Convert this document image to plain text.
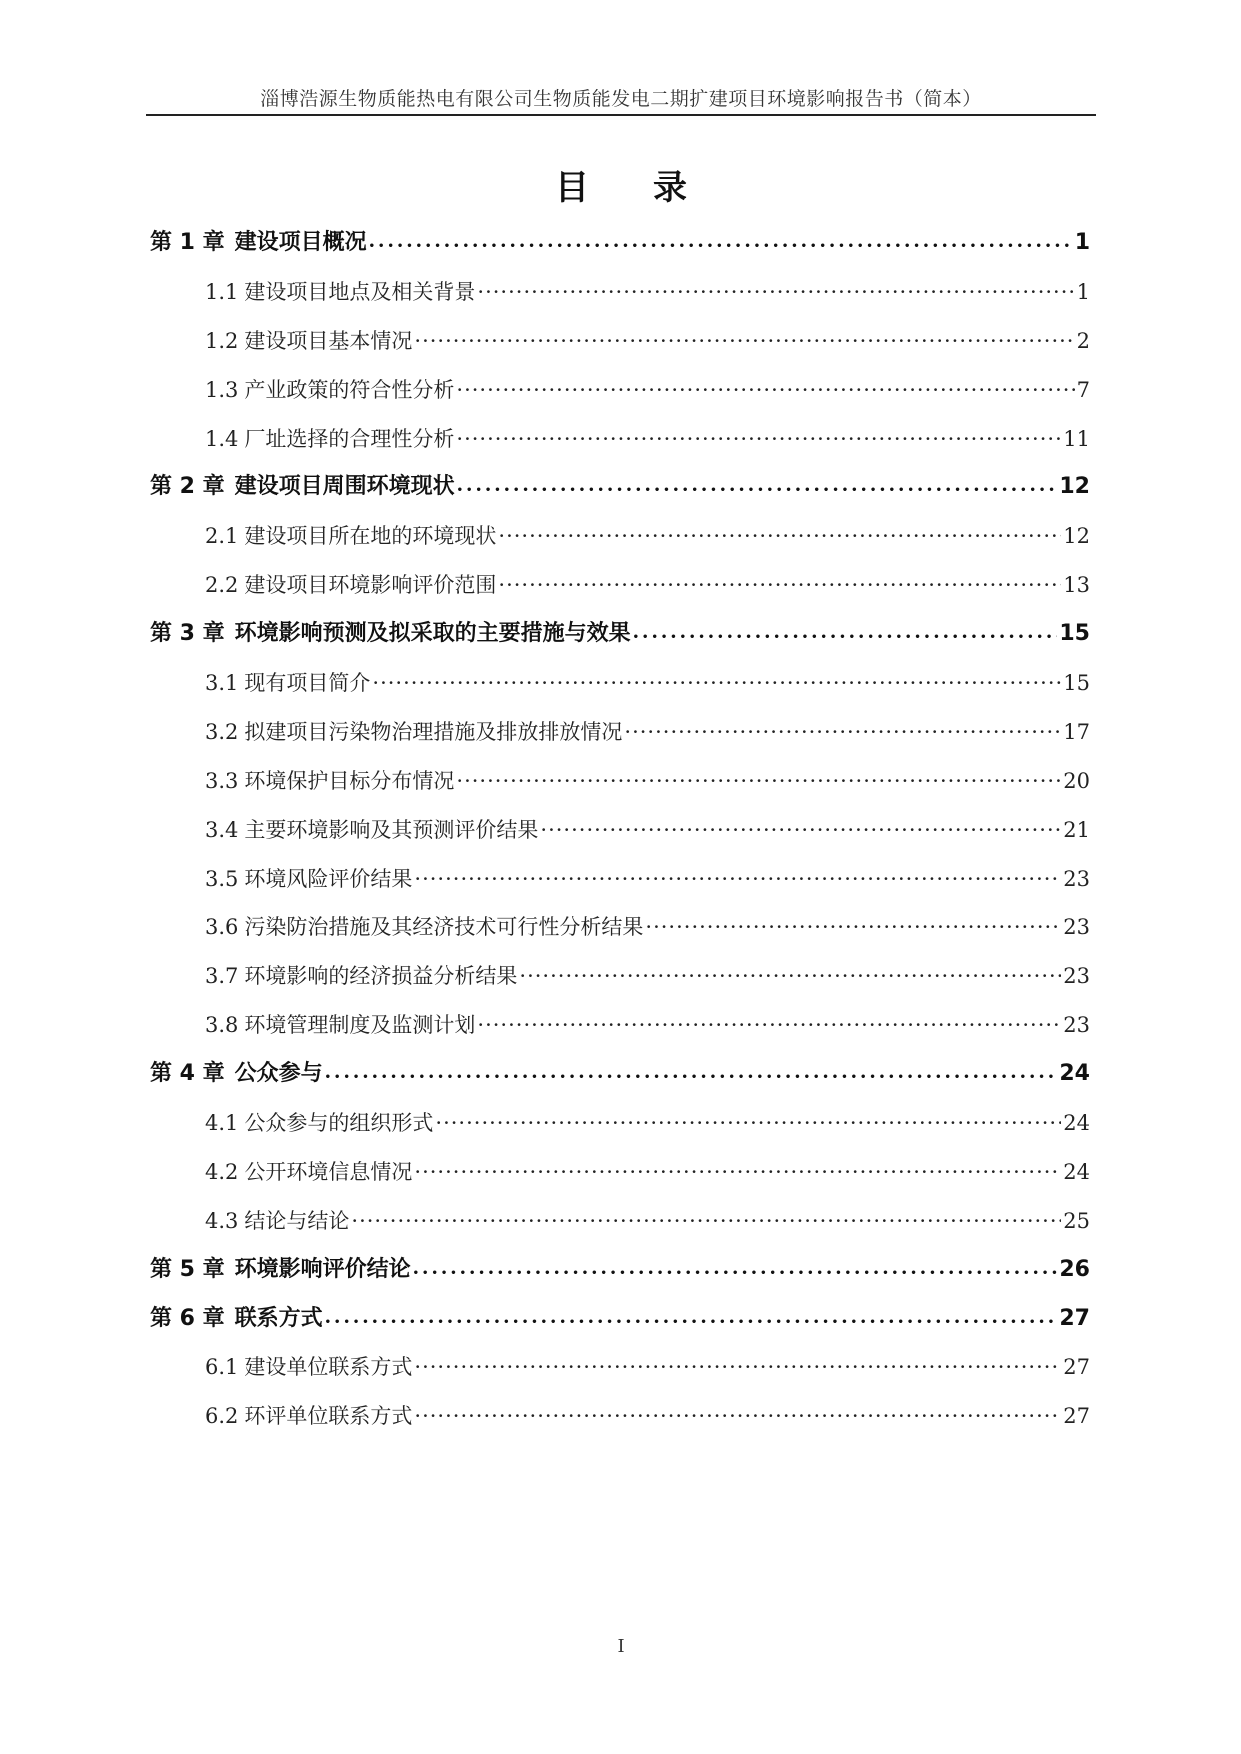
淄博浩源生物质能热电有限公司生物质能发电二期扩建项目环境影响报告书（简本）
目 录
第 1 章 建设项目概况 •••••	1
1.1 建设项目地点及相关背景 ·····	1
1.2 建设项目基本情况 ·····	2
1.3 产业政策的符合性分析 ·····	7
1.4 厂址选择的合理性分析 ·····	11
第 2 章 建设项目周围环境现状 •••••	12
2.1 建设项目所在地的环境现状 ·····	12
2.2 建设项目环境影响评价范围 ·····	13
第 3 章 环境影响预测及拟采取的主要措施与效果 •••••	15
3.1 现有项目简介 ·····	15
3.2 拟建项目污染物治理措施及排放排放情况 ·····	17
3.3 环境保护目标分布情况 ·····	20
3.4 主要环境影响及其预测评价结果 ·····	21
3.5 环境风险评价结果 ·····	23
3.6 污染防治措施及其经济技术可行性分析结果 ·····	23
3.7 环境影响的经济损益分析结果 ·····	23
3.8 环境管理制度及监测计划 ·····	23
第 4 章 公众参与 •••••	24
4.1 公众参与的组织形式 ·····	24
4.2 公开环境信息情况 ·····	24
4.3 结论与结论 ·····	25
第 5 章 环境影响评价结论 •••••	26
第 6 章 联系方式 •••••	27
6.1 建设单位联系方式 ·····	27
6.2 环评单位联系方式 ·····	27
I
